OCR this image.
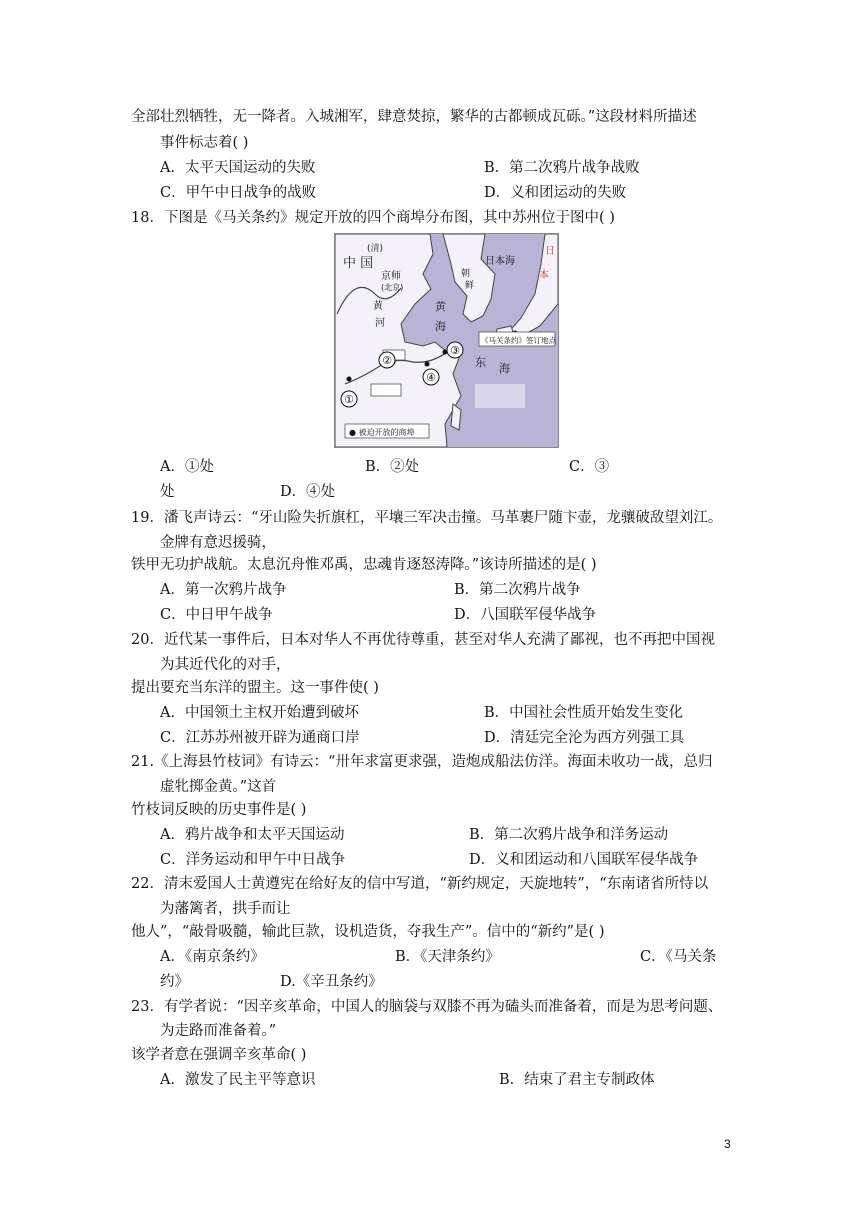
全部壮烈牺牲，无一降者。入城湘军，肆意焚掠，繁华的古都顿成瓦砾。”这段材料所描述
事件标志着( )
A．太平天国运动的失败	B．第二次鸦片战争战败
C．甲午中日战争的战败	D．义和团运动的失败
18．下图是《马关条约》规定开放的四个商埠分布图，其中苏州位于图中( )
中 国
(清)
京师
(北京)
黄
河
朝
鲜
日本海
日
本
黄
海
东 海
《马关条约》签订地点
● 被迫开放的商埠
①
②
③
④
A．①处	B．②处	C．③
处	D．④处
19．潘飞声诗云：“牙山险失折旗杠，平壤三军决击撞。马革裹尸随卞壶，龙骧破敌望刘江。
金牌有意迟援骑，
铁甲无功护战航。太息沉舟惟邓禹，忠魂肯逐怒涛降。”该诗所描述的是( )
A．第一次鸦片战争	B．第二次鸦片战争
C．中日甲午战争	D．八国联军侵华战争
20．近代某一事件后，日本对华人不再优待尊重，甚至对华人充满了鄙视，也不再把中国视
为其近代化的对手，
提出要充当东洋的盟主。这一事件使( )
A．中国领土主权开始遭到破坏	B．中国社会性质开始发生变化
C．江苏苏州被开辟为通商口岸	D．清廷完全沦为西方列强工具
21.《上海县竹枝词》有诗云：“卅年求富更求强，造炮成船法仿洋。海面未收功一战，总归
虚牝掷金黄。”这首
竹枝词反映的历史事件是( )
A．鸦片战争和太平天国运动	B．第二次鸦片战争和洋务运动
C．洋务运动和甲午中日战争	D．义和团运动和八国联军侵华战争
22．清末爱国人士黄遵宪在给好友的信中写道，“新约规定，天旋地转”，“东南诸省所恃以
为藩篱者，拱手而让
他人”，“敲骨吸髓，输此巨款，设机造货，夺我生产”。信中的“新约”是( )
A．《南京条约》	B．《天津条约》	C．《马关条
约》	D.《辛丑条约》
23．有学者说：“因辛亥革命，中国人的脑袋与双膝不再为磕头而准备着，而是为思考问题、
为走路而准备着。”
该学者意在强调辛亥革命( )
A．激发了民主平等意识	B．结束了君主专制政体
3
